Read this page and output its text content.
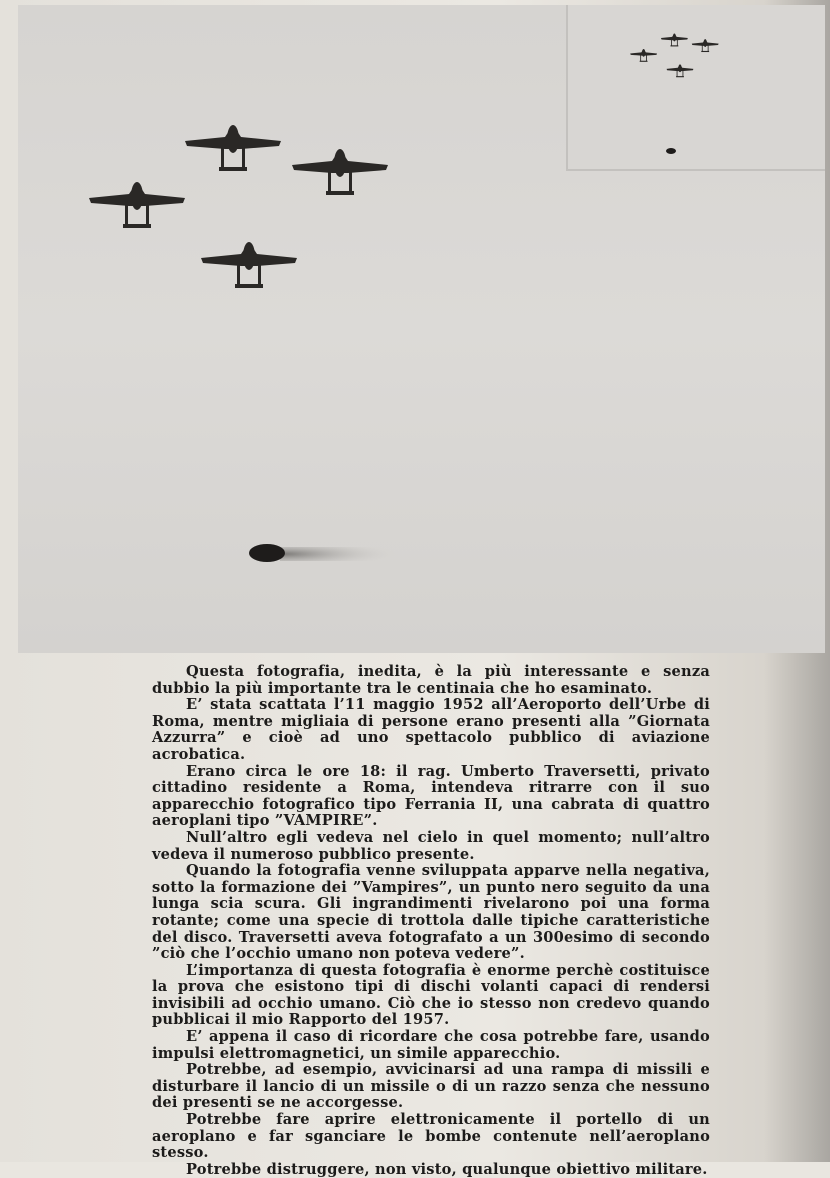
Questa fotografia, inedita, è la più interessante e senza dubbio la più importante tra le centinaia che ho esaminato.

E’ stata scattata l’11 maggio 1952 all’Aeroporto dell’Urbe di Roma, mentre migliaia di persone erano presenti alla ”Giornata Azzurra” e cioè ad uno spettacolo pubblico di aviazione acrobatica.

Erano circa le ore 18: il rag. Umberto Traversetti, privato cittadino residente a Roma, intendeva ritrarre con il suo apparecchio fotografico tipo Ferrania II, una cabrata di quattro aeroplani tipo ”VAMPIRE”.

Null’altro egli vedeva nel cielo in quel momento; null’altro vedeva il numeroso pubblico presente.

Quando la fotografia venne sviluppata apparve nella negativa, sotto la formazione dei ”Vampires”, un punto nero seguito da una lunga scia scura. Gli ingrandimenti rivelarono poi una forma rotante; come una specie di trottola dalle tipiche caratteristiche del disco. Traversetti aveva fotografato a un 300esimo di secondo ”ciò che l’occhio umano non poteva vedere”.

L’importanza di questa fotografia è enorme perchè costituisce la prova che esistono tipi di dischi volanti capaci di rendersi invisibili ad occhio umano. Ciò che io stesso non credevo quando pubblicai il mio Rapporto del 1957.

E’ appena il caso di ricordare che cosa potrebbe fare, usando impulsi elettromagnetici, un simile apparecchio.

Potrebbe, ad esempio, avvicinarsi ad una rampa di missili e disturbare il lancio di un missile o di un razzo senza che nessuno dei presenti se ne accorgesse.

Potrebbe fare aprire elettronicamente il portello di un aeroplano e far sganciare le bombe contenute nell’aeroplano stesso.

Potrebbe distruggere, non visto, qualunque obiettivo militare.
